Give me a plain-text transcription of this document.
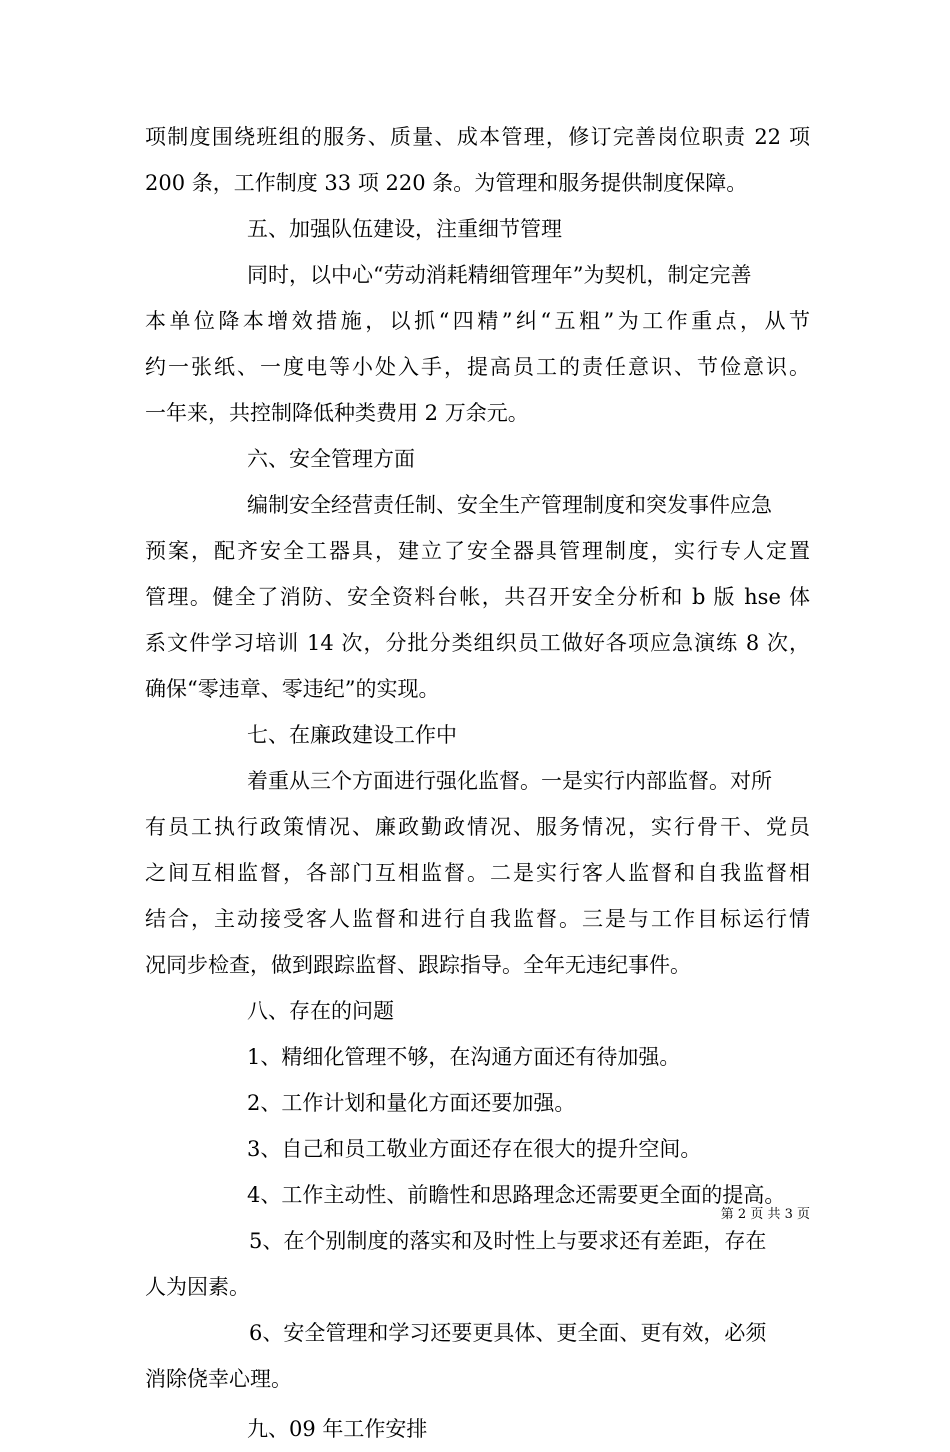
项制度围绕班组的服务、质量、成本管理，修订完善岗位职责 22 项
200 条，工作制度 33 项 220 条。为管理和服务提供制度保障。
五、加强队伍建设，注重细节管理
同时，以中心“劳动消耗精细管理年”为契机，制定完善
本单位降本增效措施，以抓“四精”纠“五粗”为工作重点，从节
约一张纸、一度电等小处入手，提高员工的责任意识、节俭意识。
一年来，共控制降低种类费用 2 万余元。
六、安全管理方面
编制安全经营责任制、安全生产管理制度和突发事件应急
预案，配齐安全工器具，建立了安全器具管理制度，实行专人定置
管理。健全了消防、安全资料台帐，共召开安全分析和 b 版 hse 体
系文件学习培训 14 次，分批分类组织员工做好各项应急演练 8 次，
确保“零违章、零违纪”的实现。
七、在廉政建设工作中
着重从三个方面进行强化监督。一是实行内部监督。对所
有员工执行政策情况、廉政勤政情况、服务情况，实行骨干、党员
之间互相监督，各部门互相监督。二是实行客人监督和自我监督相
结合，主动接受客人监督和进行自我监督。三是与工作目标运行情
况同步检查，做到跟踪监督、跟踪指导。全年无违纪事件。
八、存在的问题
1、精细化管理不够，在沟通方面还有待加强。
2、工作计划和量化方面还要加强。
3、自己和员工敬业方面还存在很大的提升空间。
4、工作主动性、前瞻性和思路理念还需要更全面的提高。
5、在个别制度的落实和及时性上与要求还有差距，存在
人为因素。
6、安全管理和学习还要更具体、更全面、更有效，必须
消除侥幸心理。
九、09 年工作安排
第 2 页 共 3 页
